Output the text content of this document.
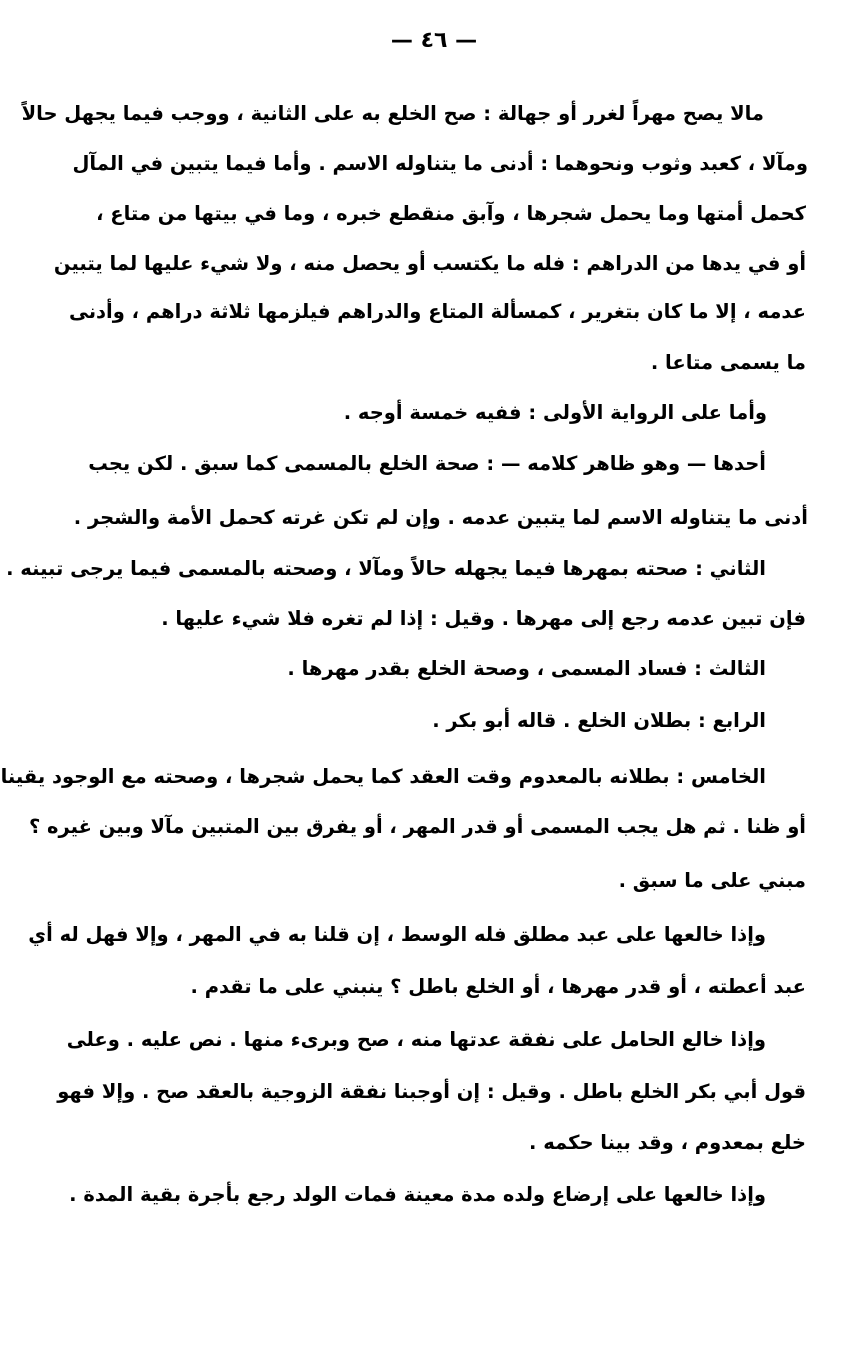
— ٤٦ —
مالا يصح مهراً لغرر أو جهالة : صح الخلع به على الثانية ، ووجب فيما يجهل حالاً
ومآلا ، كعبد وثوب ونحوهما : أدنى ما يتناوله الاسم . وأما فيما يتبين في المآل
كحمل أمتها وما يحمل شجرها ، وآبق منقطع خبره ، وما في بيتها من متاع ،
أو في يدها من الدراهم : فله ما يكتسب أو يحصل منه ، ولا شيء عليها لما يتبين
عدمه ، إلا ما كان بتغرير ، كمسألة المتاع والدراهم فيلزمها ثلاثة دراهم ، وأدنى
ما يسمى متاعا .
وأما على الرواية الأولى : ففيه خمسة أوجه .
أحدها — وهو ظاهر كلامه — : صحة الخلع بالمسمى كما سبق . لكن يجب
أدنى ما يتناوله الاسم لما يتبين عدمه . وإن لم تكن غرته كحمل الأمة والشجر .
الثاني : صحته بمهرها فيما يجهله حالاً ومآلا ، وصحته بالمسمى فيما يرجى تبينه .
فإن تبين عدمه رجع إلى مهرها . وقيل : إذا لم تغره فلا شيء عليها .
الثالث : فساد المسمى ، وصحة الخلع بقدر مهرها .
الرابع : بطلان الخلع . قاله أبو بكر .
الخامس : بطلانه بالمعدوم وقت العقد كما يحمل شجرها ، وصحته مع الوجود يقينا
أو ظنا . ثم هل يجب المسمى أو قدر المهر ، أو يفرق بين المتبين مآلا وبين غيره ؟
مبني على ما سبق .
وإذا خالعها على عبد مطلق فله الوسط ، إن قلنا به في المهر ، وإلا فهل له أي
عبد أعطته ، أو قدر مهرها ، أو الخلع باطل ؟ ينبني على ما تقدم .
وإذا خالع الحامل على نفقة عدتها منه ، صح وبرىء منها . نص عليه . وعلى
قول أبي بكر الخلع باطل . وقيل : إن أوجبنا نفقة الزوجية بالعقد صح . وإلا فهو
خلع بمعدوم ، وقد بينا حكمه .
وإذا خالعها على إرضاع ولده مدة معينة فمات الولد رجع بأجرة بقية المدة .
